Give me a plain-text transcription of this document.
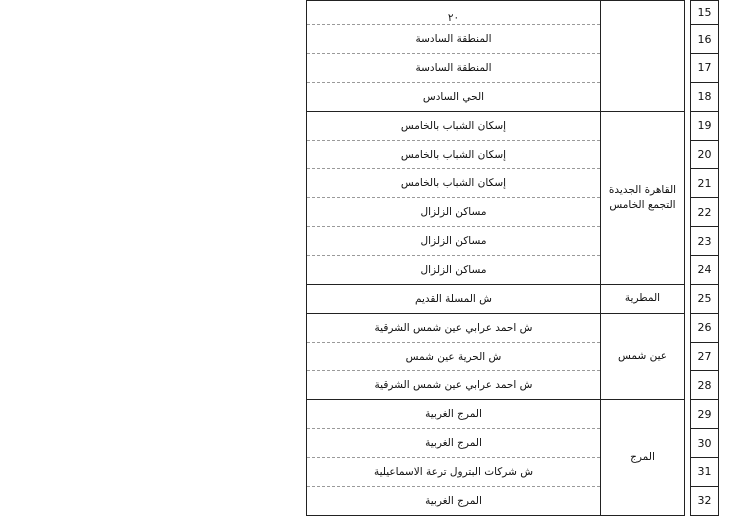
٢٠			15
المنطقة السادسة			16
المنطقة السادسة			17
الحي السادس			18
إسكان الشباب بالخامس	القاهرة الجديدة التجمع الخامس		19
إسكان الشباب بالخامس			20
إسكان الشباب بالخامس			21
مساكن الزلزال			22
مساكن الزلزال			23
مساكن الزلزال			24
ش المسلة القديم	المطرية		25
ش احمد عرابي عين شمس الشرقية	عين شمس		26
ش الحرية عين شمس			27
ش احمد عرابي عين شمس الشرقية			28
المرج الغربية	المرج		29
المرج الغربية			30
ش شركات البترول ترعة الاسماعيلية			31
المرج الغربية			32
